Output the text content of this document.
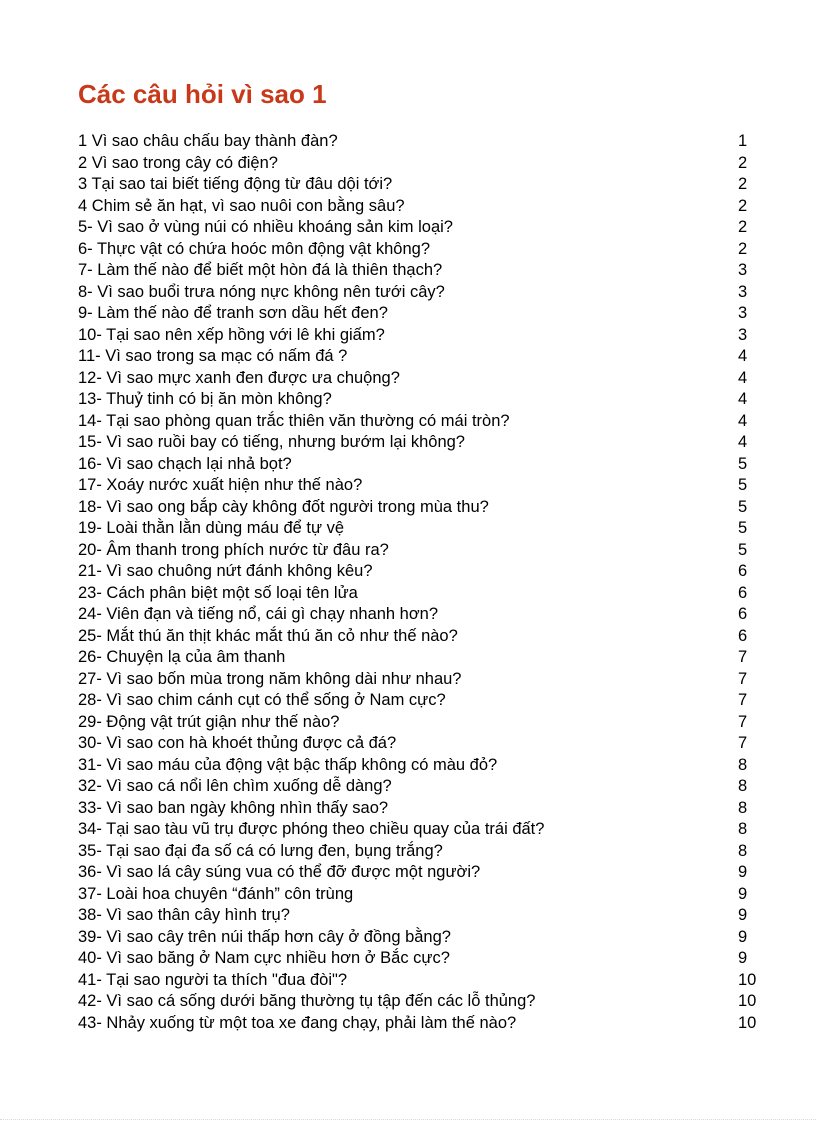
Các câu hỏi vì sao 1
1 Vì sao châu chấu bay thành đàn?	1
2 Vì sao trong cây có điện?	2
3 Tại sao tai biết tiếng động từ đâu dội tới?	2
4 Chim sẻ ăn hạt, vì sao nuôi con bằng sâu?	2
5- Vì sao ở vùng núi có nhiều khoáng sản kim loại?	2
6- Thực vật có chứa hoóc môn động vật không?	2
7- Làm thế nào để biết một hòn đá là thiên thạch?	3
8- Vì sao buổi trưa nóng nực không nên tưới cây?	3
9- Làm thế nào để tranh sơn dầu hết đen?	3
10- Tại sao nên xếp hồng với lê khi giấm?	3
11- Vì sao trong sa mạc có nấm đá ?	4
12- Vì sao mực xanh đen được ưa chuộng?	4
13- Thuỷ tinh có bị ăn mòn không?	4
14- Tại sao phòng quan trắc thiên văn thường có mái tròn?	4
15- Vì sao ruồi bay có tiếng, nhưng bướm lại không?	4
16- Vì sao chạch lại nhả bọt?	5
17- Xoáy nước xuất hiện như thế nào?	5
18- Vì sao ong bắp cày không đốt người trong mùa thu?	5
19- Loài thằn lằn dùng máu để tự vệ	5
20- Âm thanh trong phích nước từ đâu ra?	5
21- Vì sao chuông nứt đánh không kêu?	6
23- Cách phân biệt một số loại tên lửa	6
24- Viên đạn và tiếng nổ, cái gì chạy nhanh hơn?	6
25- Mắt thú ăn thịt khác mắt thú ăn cỏ như thế nào?	6
26- Chuyện lạ của âm thanh	7
27- Vì sao bốn mùa trong năm không dài như nhau?	7
28- Vì sao chim cánh cụt có thể sống ở Nam cực?	7
29- Động vật trút giận như thế nào?	7
30- Vì sao con hà khoét thủng được cả đá?	7
31- Vì sao máu của động vật bậc thấp không có màu đỏ?	8
32- Vì sao cá nổi lên chìm xuống dễ dàng?	8
33- Vì sao ban ngày không nhìn thấy sao?	8
34- Tại sao tàu vũ trụ được phóng theo chiều quay của trái đất?	8
35- Tại sao đại đa số cá có lưng đen, bụng trắng?	8
36- Vì sao lá cây súng vua có thể đỡ được một người?	9
37- Loài hoa chuyên “đánh” côn trùng	9
38- Vì sao thân cây hình trụ?	9
39- Vì sao cây trên núi thấp hơn cây ở đồng bằng?	9
40- Vì sao băng ở Nam cực nhiều hơn ở Bắc cực?	9
41- Tại sao người ta thích "đua đòi"?	10
42- Vì sao cá sống dưới băng thường tụ tập đến các lỗ thủng?	10
43- Nhảy xuống từ một toa xe đang chạy, phải làm thế nào?	10
